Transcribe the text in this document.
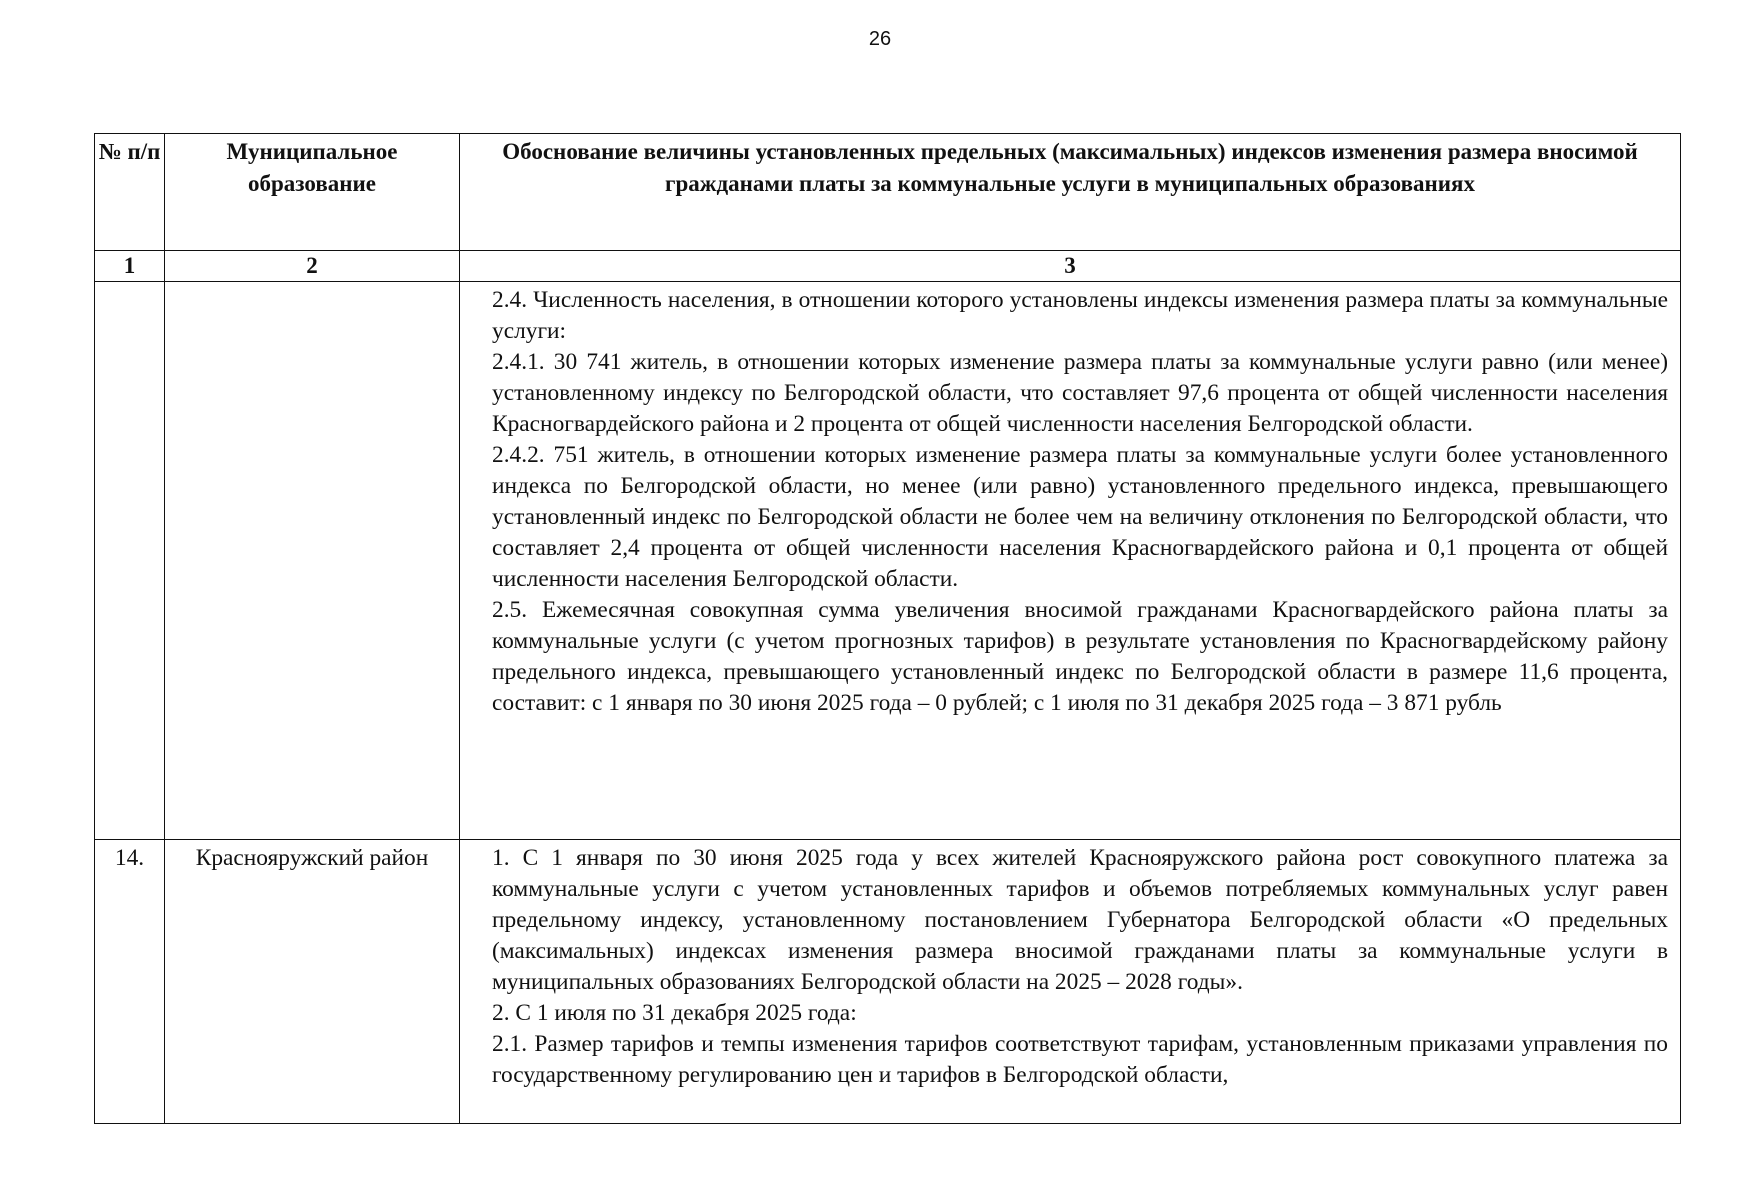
26
№ п/п	Муниципальное образование	Обоснование величины установленных предельных (максимальных) индексов изменения размера вносимой гражданами платы за коммунальные услуги в муниципальных образованиях
1	2	3

		2.4. Численность населения, в отношении которого установлены индексы изменения размера платы за коммунальные услуги:

2.4.1. 30 741 житель, в отношении которых изменение размера платы за коммунальные услуги равно (или менее) установленному индексу по Белгородской области, что составляет 97,6 процента от общей численности населения Красногвардейского района и 2 процента от общей численности населения Белгородской области.

2.4.2. 751 житель, в отношении которых изменение размера платы за коммунальные услуги более установленного индекса по Белгородской области, но менее (или равно) установленного предельного индекса, превышающего установленный индекс по Белгородской области не более чем на величину отклонения по Белгородской области, что составляет 2,4 процента от общей численности населения Красногвардейского района и 0,1 процента от общей численности населения Белгородской области.

2.5. Ежемесячная совокупная сумма увеличения вносимой гражданами Красногвардейского района платы за коммунальные услуги (с учетом прогнозных тарифов) в результате установления по Красногвардейскому району предельного индекса, превышающего установленный индекс по Белгородской области в размере 11,6 процента, составит: с 1 января по 30 июня 2025 года – 0 рублей; с 1 июля по 31 декабря 2025 года – 3 871 рубль

14.	Краснояружский район	1. С 1 января по 30 июня 2025 года у всех жителей Краснояружского района рост совокупного платежа за коммунальные услуги с учетом установленных тарифов и объемов потребляемых коммунальных услуг равен предельному индексу, установленному постановлением Губернатора Белгородской области «О предельных (максимальных) индексах изменения размера вносимой гражданами платы за коммунальные услуги в муниципальных образованиях Белгородской области на 2025 – 2028 годы».

2. С 1 июля по 31 декабря 2025 года:

2.1. Размер тарифов и темпы изменения тарифов соответствуют тарифам, установленным приказами управления по государственному регулированию цен и тарифов в Белгородской области,
